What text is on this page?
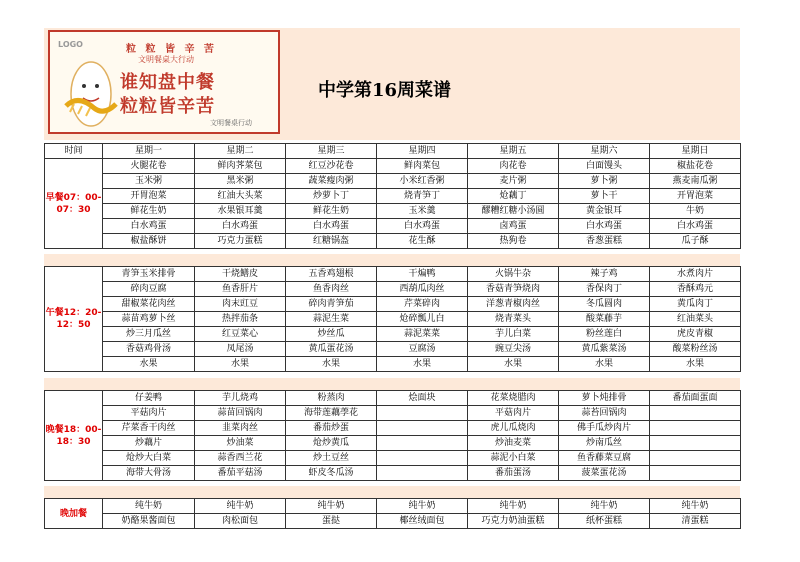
LOGO	粒 粒 皆 辛 苦
文明餐桌大行动
谁知盘中餐
粒粒皆辛苦
文明餐桌行动
中学第16周菜谱
时间	星期一	星期二	星期三	星期四	星期五	星期六	星期日
早餐07：00-07：30	火腿花卷	鲜肉荠菜包	红豆沙花卷	鲜肉菜包	肉花卷	白面馒头	椒盐花卷
	玉米粥	黑米粥	蔬菜瘦肉粥	小米红香粥	麦片粥	萝卜粥	燕麦南瓜粥
	开胃泡菜	红油大头菜	炒萝卜丁	烧青笋丁	炝藕丁	萝卜干	开胃泡菜
	鲜花生奶	水果银耳羹	鲜花生奶	玉米羹	醪糟红糖小汤圆	黄金银耳	牛奶
	白水鸡蛋	白水鸡蛋	白水鸡蛋	白水鸡蛋	卤鸡蛋	白水鸡蛋	白水鸡蛋
	椒盐酥饼	巧克力蛋糕	红糖锅盔	花生酥	热狗卷	香葱蛋糕	瓜子酥
午餐12：20-12：50	青笋玉米排骨	干烧鳝皮	五香鸡翅根	干煸鸭	火锅牛杂	辣子鸡	水煮肉片
	碎肉豆腐	鱼香肝片	鱼香肉丝	西葫瓜肉丝	香菇青笋烧肉	香保肉丁	香酥鸡元
	甜椒菜花肉丝	肉末豇豆	碎肉青笋茄	芹菜碎肉	洋葱青椒肉丝	冬瓜圆肉	黄瓜肉丁
	蒜苗鸡萝卜丝	热拌茄条	蒜泥生菜	炝碎瓢儿白	烧青菜头	酸菜藤芋	红油菜头
	炒三月瓜丝	红豆菜心	炒丝瓜	蒜泥菜菜	芋儿白菜	粉丝莲白	虎皮青椒
	香菇鸡骨汤	凤尾汤	黄瓜蛋花汤	豆腐汤	豌豆尖汤	黄瓜紫菜汤	酸菜粉丝汤
	水果	水果	水果	水果	水果	水果	水果
晚餐18：00-18：30	仔姜鸭	芋儿烧鸡	粉蒸肉	烩面块	花菜烧腊肉	萝卜炖排骨	番茄面蛋面
	平菇肉片	蒜苗回锅肉	海带莲藕荸花		平菇肉片	蒜苔回锅肉	
	芹菜香干肉丝	韭菜肉丝	番茄炒蛋		虎儿瓜烧肉	佛手瓜炒肉片	
	炒藕片	炒油菜	炝炒黄瓜		炒油麦菜	炒南瓜丝	
	炝炒大白菜	蒜香西兰花	炒土豆丝		蒜泥小白菜	鱼香藤菜豆腐	
	海带大骨汤	番茄平菇汤	虾皮冬瓜汤		番茄蛋汤	菠菜蛋花汤	
晚加餐	纯牛奶	纯牛奶	纯牛奶	纯牛奶	纯牛奶	纯牛奶	纯牛奶
	奶酪果酱面包	肉松面包	蛋挞	椰丝绒面包	巧克力奶油蛋糕	纸杯蛋糕	清蛋糕
